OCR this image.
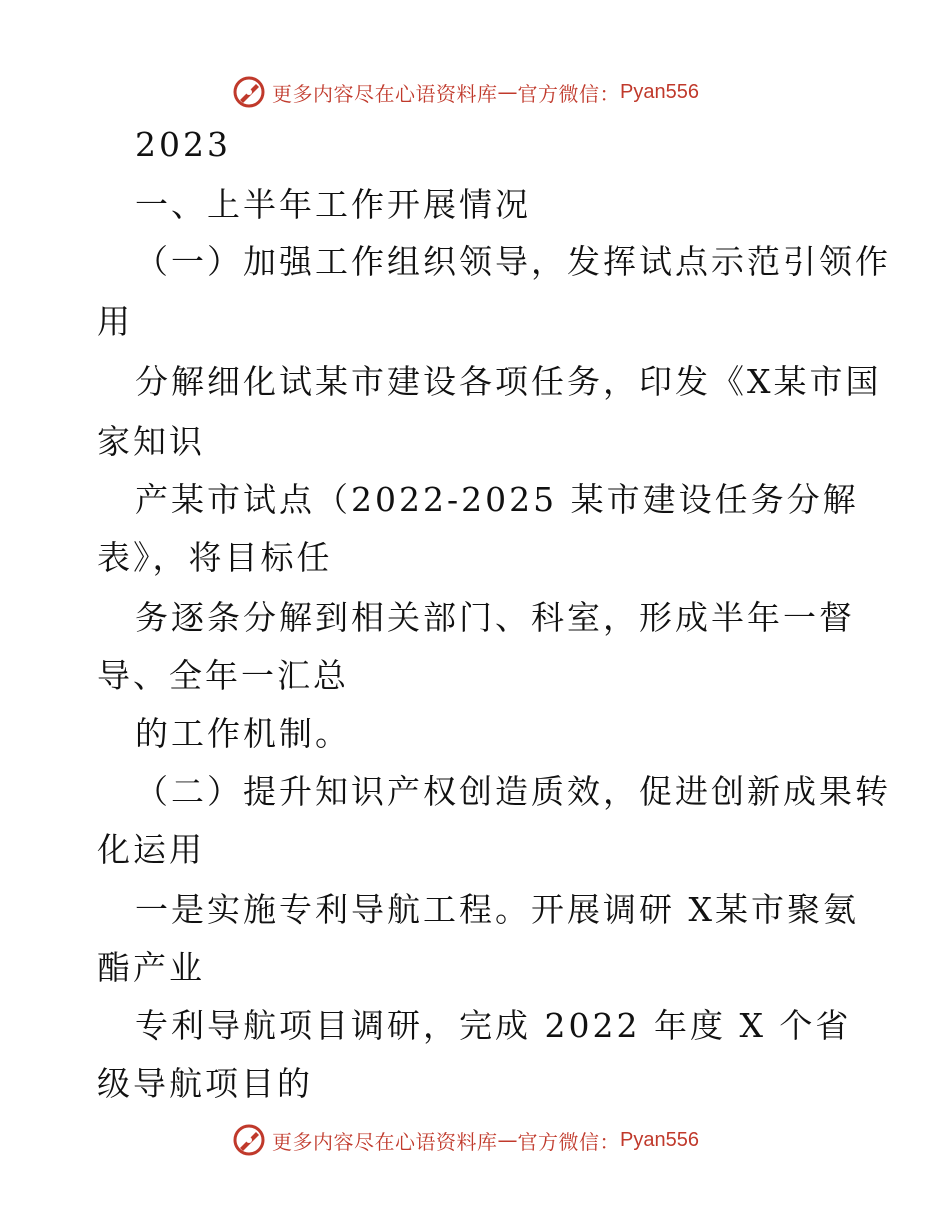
更多内容尽在心语资料库 — 官方微信： Pyan556
2023
一、上半年工作开展情况
（一）加强工作组织领导，发挥试点示范引领作
用
分解细化试某市建设各项任务，印发《X某市国
家知识
产某市试点（2022-2025 某市建设任务分解
表》，将目标任
务逐条分解到相关部门、科室，形成半年一督
导、全年一汇总
的工作机制。
（二）提升知识产权创造质效，促进创新成果转
化运用
一是实施专利导航工程。开展调研 X某市聚氨
酯产业
专利导航项目调研，完成 2022 年度 X 个省
级导航项目的
更多内容尽在心语资料库 — 官方微信： Pyan556
